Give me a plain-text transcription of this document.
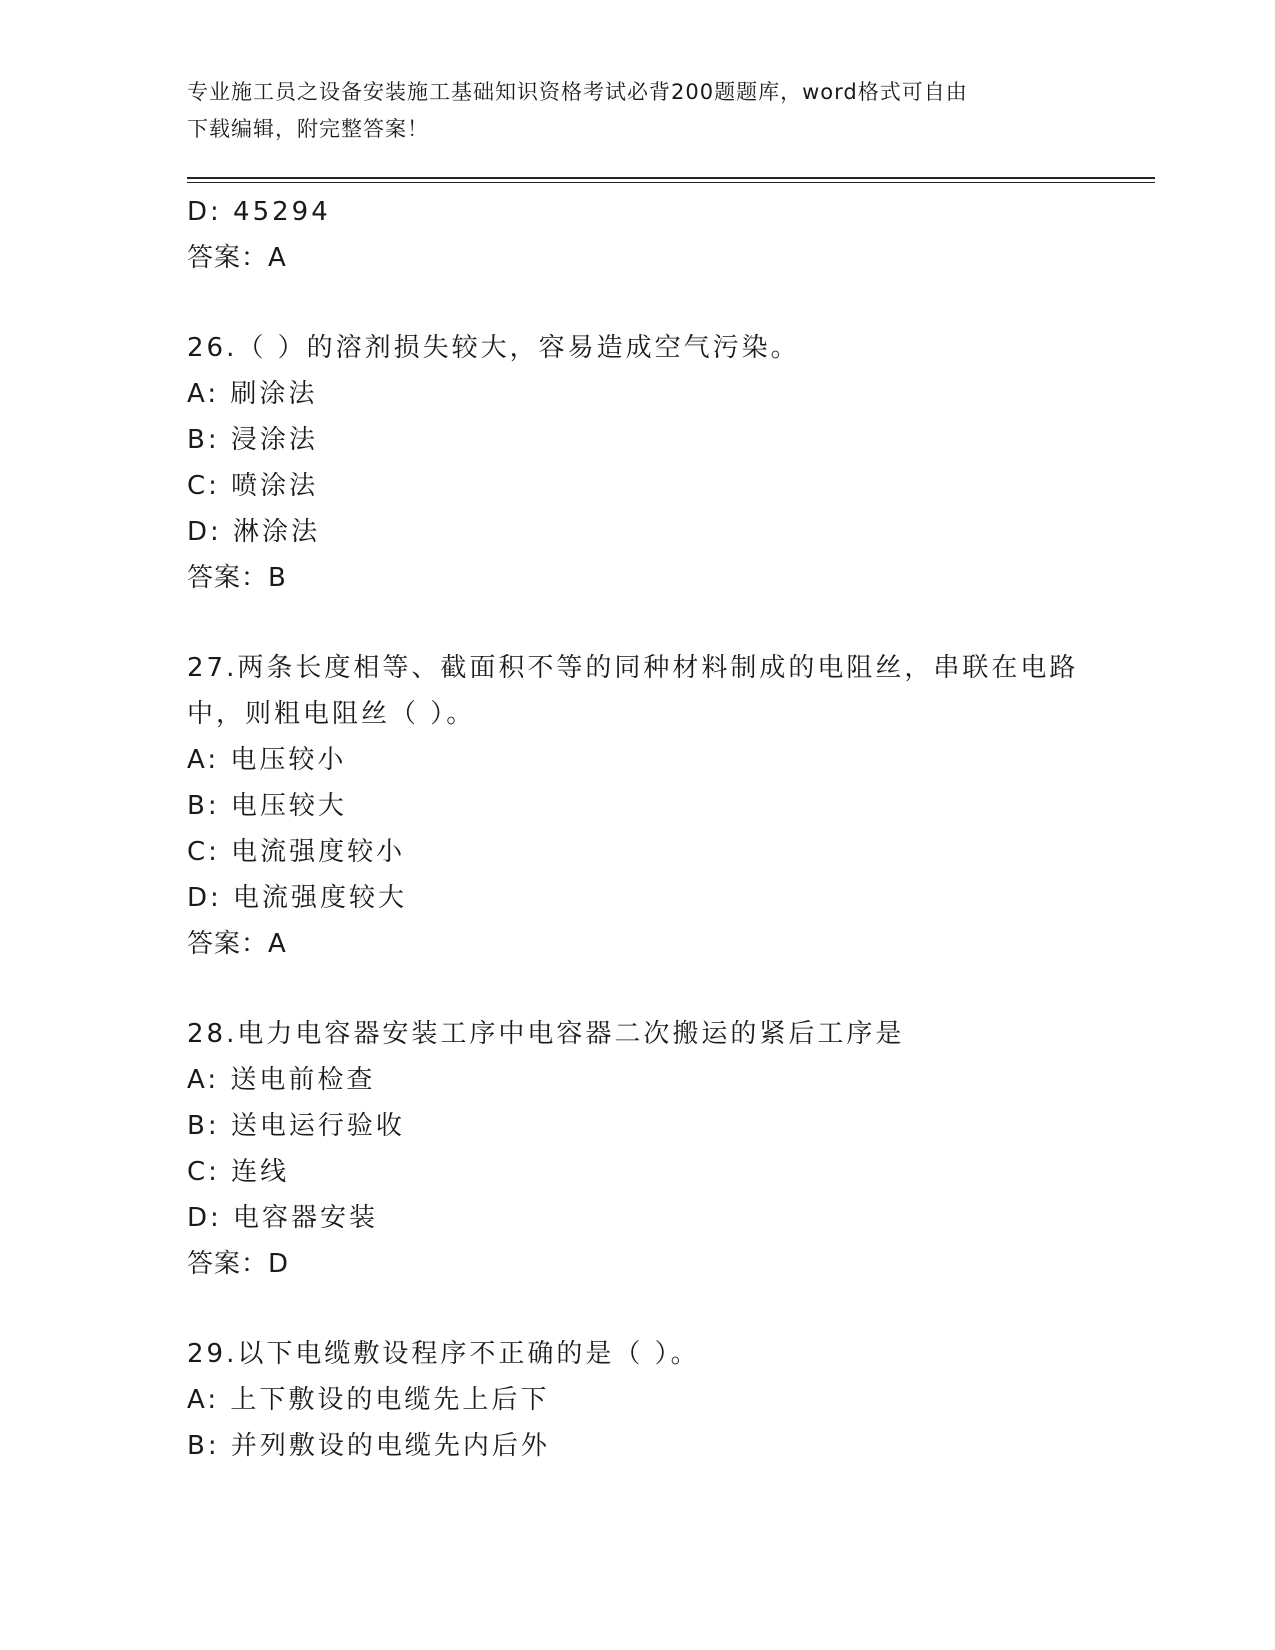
专业施工员之设备安装施工基础知识资格考试必背200题题库，word格式可自由
下载编辑，附完整答案！
D: 45294
答案：A
26.（ ）的溶剂损失较大，容易造成空气污染。
A: 刷涂法
B: 浸涂法
C: 喷涂法
D: 淋涂法
答案：B
27.两条长度相等、截面积不等的同种材料制成的电阻丝，串联在电路
中，则粗电阻丝（ ）。
A: 电压较小
B: 电压较大
C: 电流强度较小
D: 电流强度较大
答案：A
28.电力电容器安装工序中电容器二次搬运的紧后工序是
A: 送电前检查
B: 送电运行验收
C: 连线
D: 电容器安装
答案：D
29.以下电缆敷设程序不正确的是（ ）。
A: 上下敷设的电缆先上后下
B: 并列敷设的电缆先内后外
